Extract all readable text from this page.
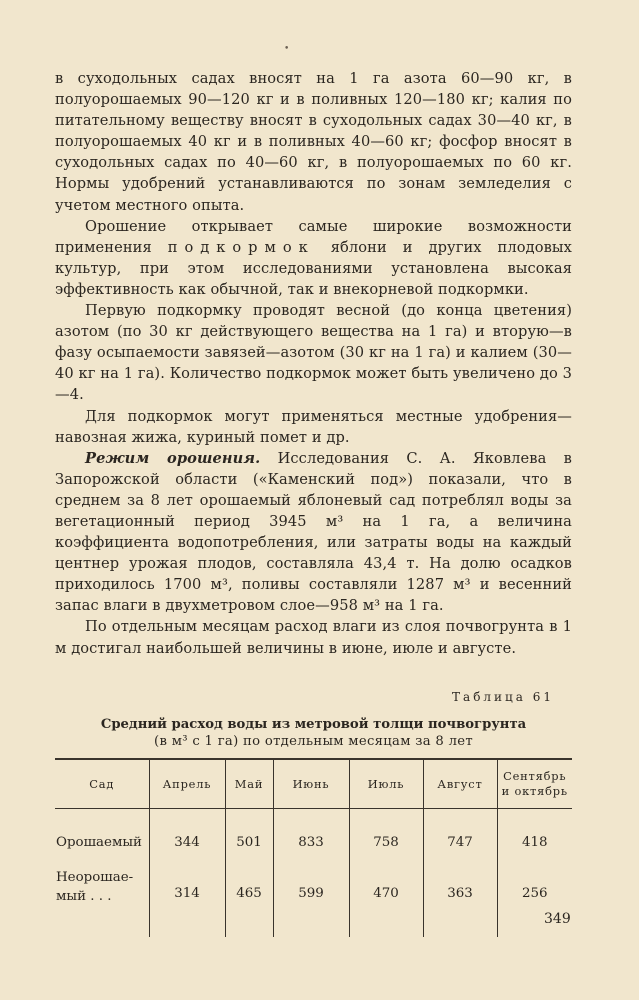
•

в суходольных садах вносят на 1 га азота 60—90 кг, в полуорошаемых 90—120 кг и в поливных 120—180 кг; калия по питательному веществу вносят в суходольных садах 30—40 кг, в полуорошаемых 40 кг и в поливных 40—60 кг; фосфор вносят в суходольных садах по 40—60 кг, в полуорошаемых по 60 кг. Нормы удобрений устанавливаются по зонам земледелия с учетом местного опыта.

Орошение открывает самые широкие возможности применения подкормок яблони и других плодовых культур, при этом исследованиями установлена высокая эффективность как обычной, так и внекорневой подкормки.

Первую подкормку проводят весной (до конца цветения) азотом (по 30 кг действующего вещества на 1 га) и вторую—в фазу осыпаемости завязей—азотом (30 кг на 1 га) и калием (30—40 кг на 1 га). Количество подкормок может быть увеличено до 3—4.

Для подкормок могут применяться местные удобрения—навозная жижа, куриный помет и др.

Режим орошения. Исследования С. А. Яковлева в Запорожской области («Каменский под») показали, что в среднем за 8 лет орошаемый яблоневый сад потреблял воды за вегетационный период 3945 м³ на 1 га, а величина коэффициента водопотребления, или затраты воды на каждый центнер урожая плодов, составляла 43,4 т. На долю осадков приходилось 1700 м³, поливы составляли 1287 м³ и весенний запас влаги в двухметровом слое—958 м³ на 1 га.

По отдельным месяцам расход влаги из слоя почвогрунта в 1 м достигал наибольшей величины в июне, июле и августе.

Таблица 61
Средний расход воды из метровой толщи почвогрунта
(в м³ с 1 га) по отдельным месяцам за 8 лет
Сад	Апрель	Май	Июнь	Июль	Август	Сентябрь и октябрь
Орошаемый	344	501	833	758	747	418
Неорошае-
мый . . .	314	465	599	470	363	256
349
